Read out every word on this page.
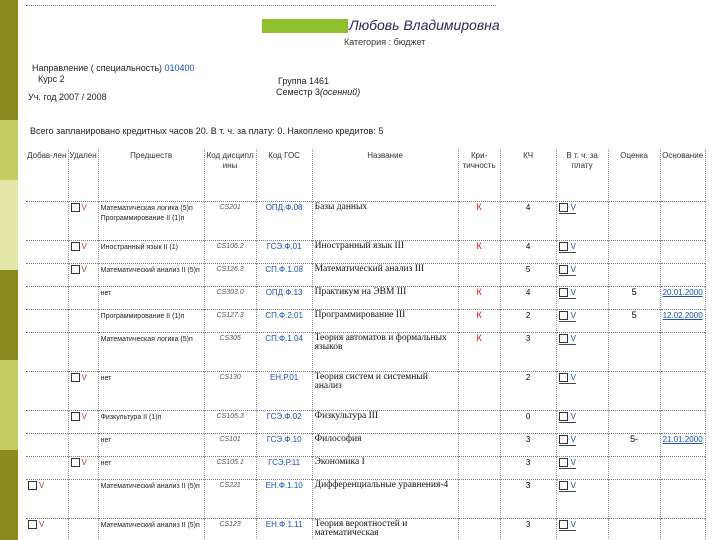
Любовь Владимировна
Категория : бюджет
Направление ( специальность) 010400
Курс 2
Уч. год 2007 / 2008
Группа 1461
Семестр 3(осенний)
Всего запланировано кредитных часов 20. В т. ч. за плату: 0. Накоплено кредитов: 5
Добав-лен	Удален	Предшеств	Код дисципл ины	Код ГОС	Название	Кри-тичность	КЧ	В т. ч. за плату	Оценка	Основание

	V	Математическая логика (5)п Программирование II (1)п	CS201	ОПД.Ф.08	Базы данных	К	4	V		

	V	Иностранный язык II (1)	CS106.2	ГСЭ.Ф.01	Иностранный язык III	К	4	V		

	V	Математический анализ II (5)п	CS126.3	СП.Ф.1.08	Математический анализ III		5	V		

		нет	CS303.0	ОПД.Ф.13	Практикум на ЭВМ III	К	4	V	5	20.01.2000
		Программирование II (1)п	CS127.3	СП.Ф.2.01	Программирование III	К	2	V	5	12.02.2000
		Математическая логика (5)п	CS305	СП.Ф.1.04	Теория автоматов и формальных языков	К	3	V		

	V	нет	CS130	ЕН.Р.01	Теория систем и системный анализ		2	V		

	V	Физкультура II (1)п	CS105.3	ГСЭ.Ф.02	Физкультура III		0	V		

		нет	CS101	ГСЭ.Ф.10	Философия		3	V	5-	21.01.2000

	V	нет	CS105.1	ГСЭ.Р.11	Экономика I		3	V		

V		Математический анализ II (5)п	CS221	ЕН.Ф.1.10	Дифференциальные уравнения-4		3	V		

V		Математический анализ II (5)п	CS123	ЕН.Ф.1.11	Теория вероятностей и математическая		3	V		
